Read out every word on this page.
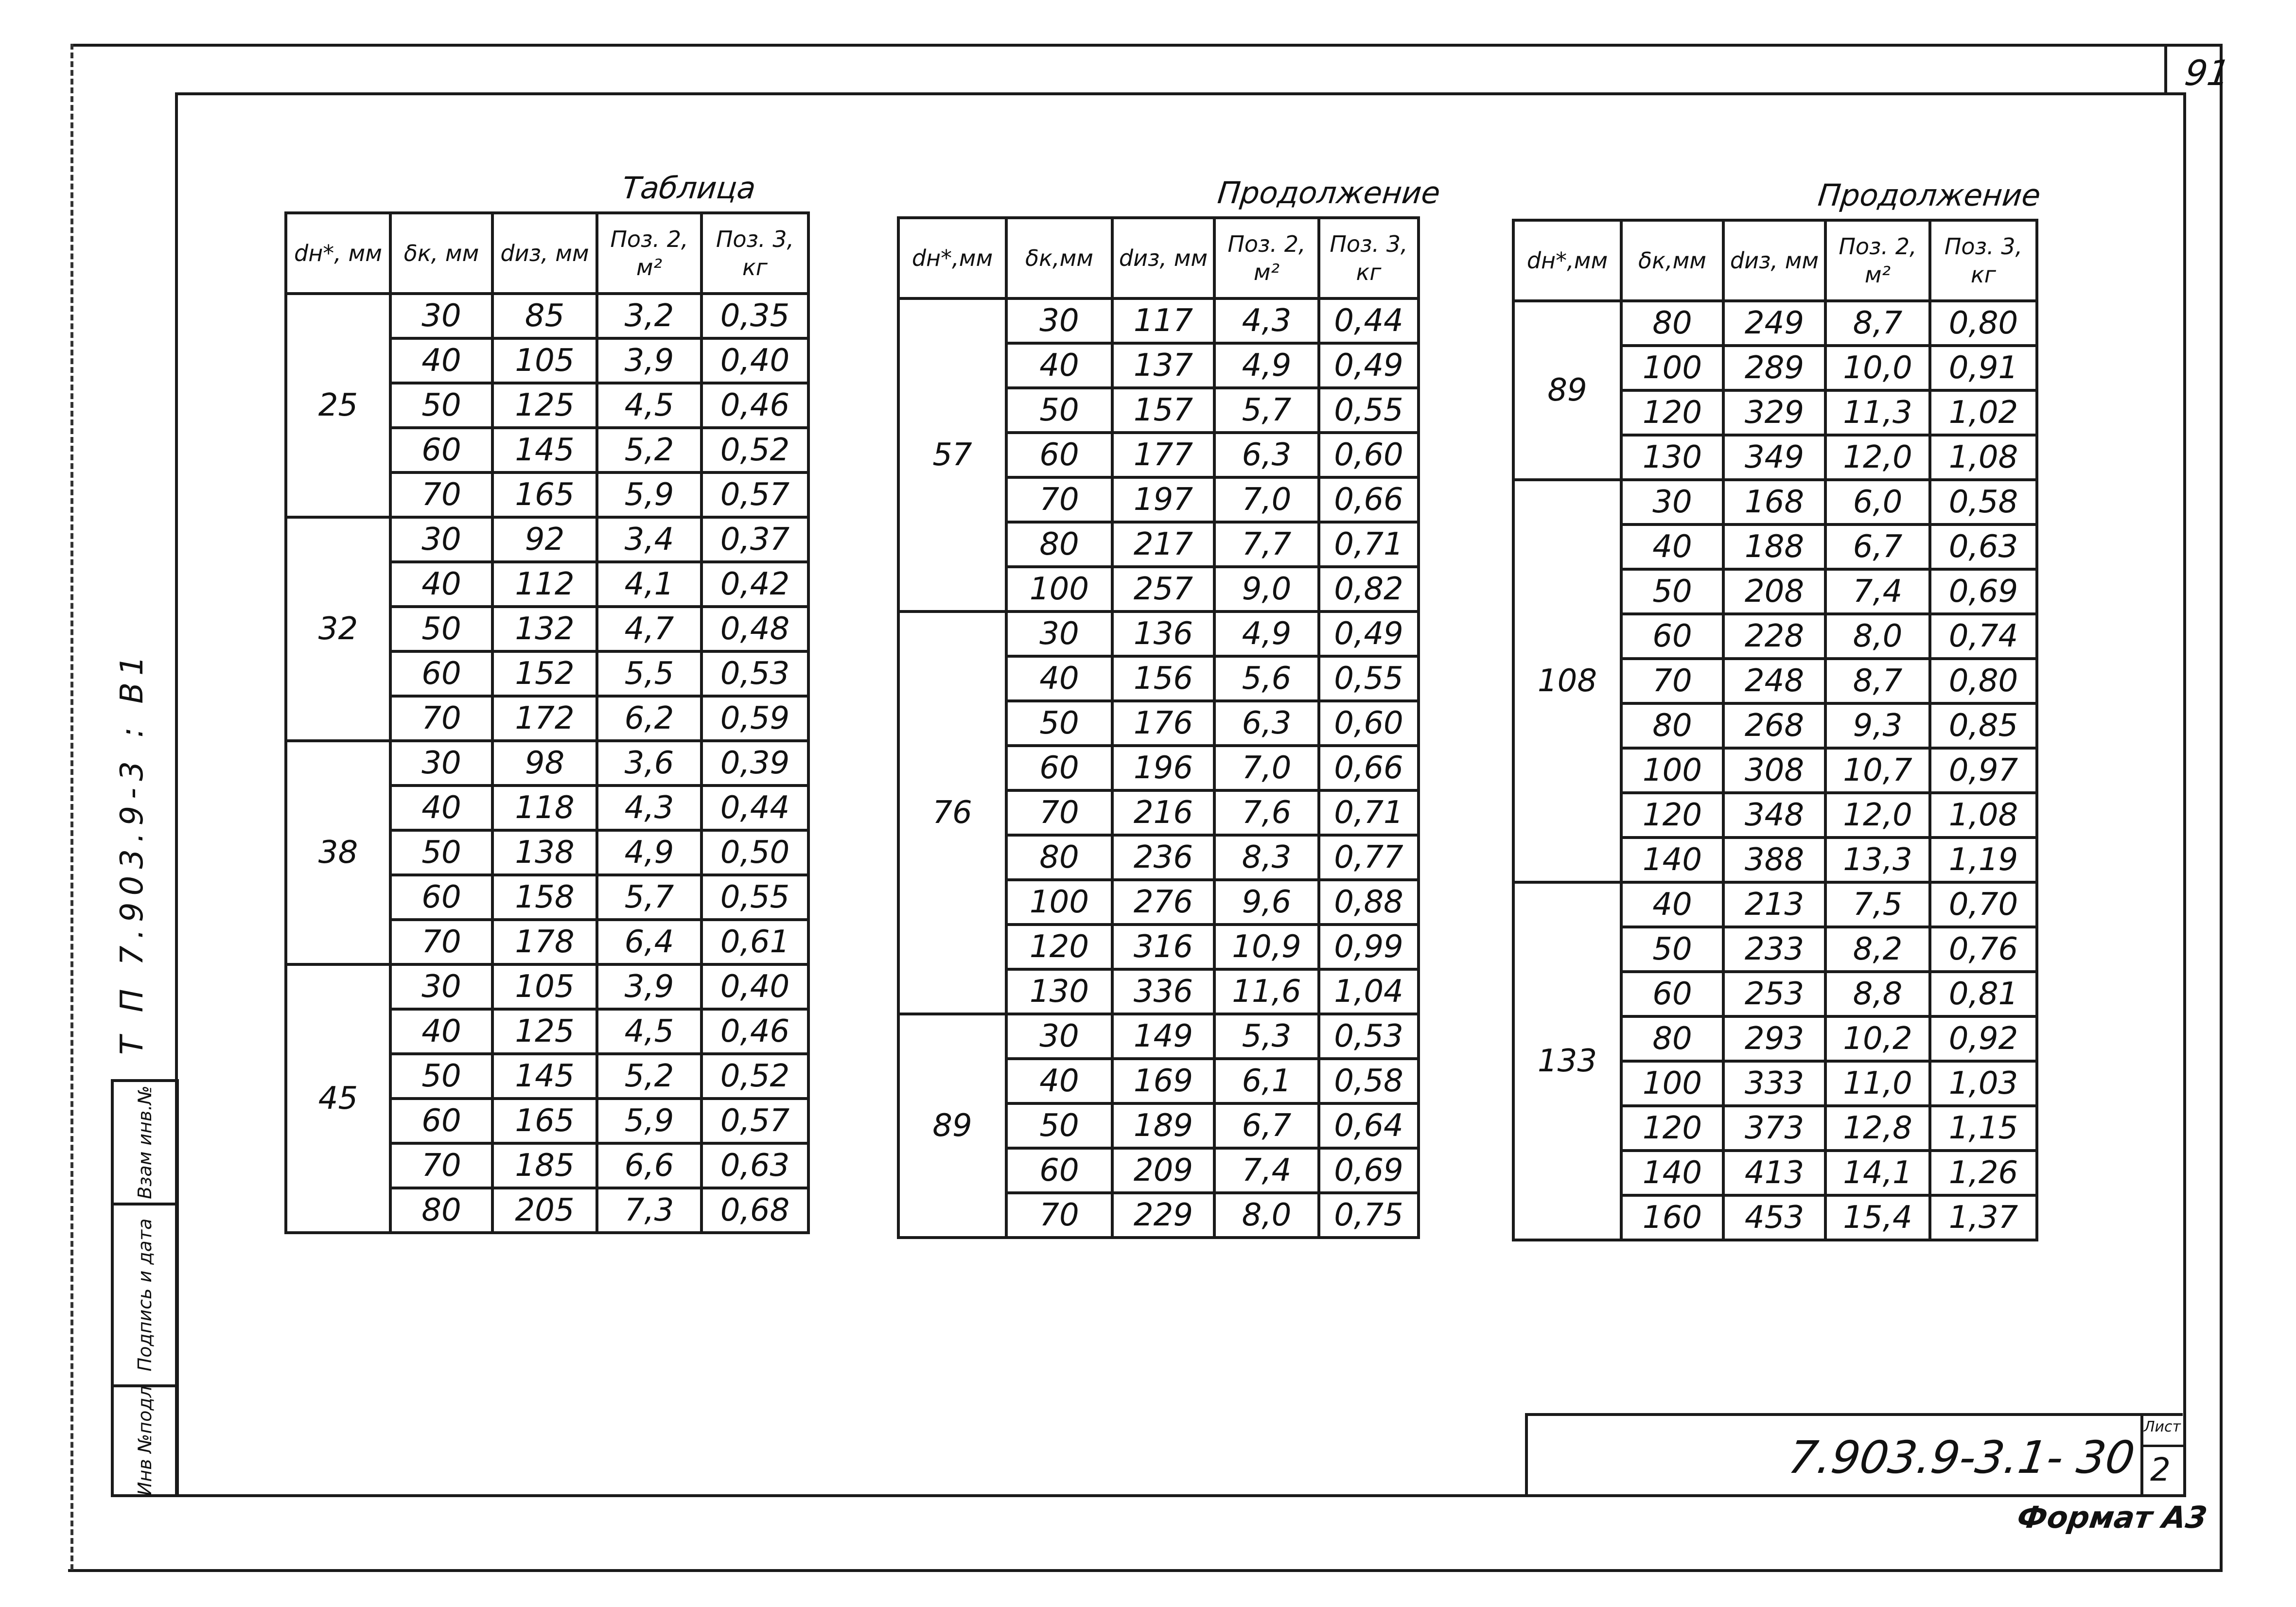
91
Т П 7.903.9-3 : В1
Взам инв.№
Подпись и дата
Инв №подл
Таблица
dн*, мм	δк, мм	dиз, мм	Поз. 2, м²	Поз. 3, кг
25	30	85	3,2	0,35
	40	105	3,9	0,40
	50	125	4,5	0,46
	60	145	5,2	0,52
	70	165	5,9	0,57
32	30	92	3,4	0,37
	40	112	4,1	0,42
	50	132	4,7	0,48
	60	152	5,5	0,53
	70	172	6,2	0,59
38	30	98	3,6	0,39
	40	118	4,3	0,44
	50	138	4,9	0,50
	60	158	5,7	0,55
	70	178	6,4	0,61
45	30	105	3,9	0,40
	40	125	4,5	0,46
	50	145	5,2	0,52
	60	165	5,9	0,57
	70	185	6,6	0,63
	80	205	7,3	0,68
Продолжение
dн*,мм	δк,мм	dиз, мм	Поз. 2, м²	Поз. 3, кг
57	30	117	4,3	0,44
	40	137	4,9	0,49
	50	157	5,7	0,55
	60	177	6,3	0,60
	70	197	7,0	0,66
	80	217	7,7	0,71
	100	257	9,0	0,82
76	30	136	4,9	0,49
	40	156	5,6	0,55
	50	176	6,3	0,60
	60	196	7,0	0,66
	70	216	7,6	0,71
	80	236	8,3	0,77
	100	276	9,6	0,88
	120	316	10,9	0,99
	130	336	11,6	1,04
89	30	149	5,3	0,53
	40	169	6,1	0,58
	50	189	6,7	0,64
	60	209	7,4	0,69
	70	229	8,0	0,75
Продолжение
dн*,мм	δк,мм	dиз, мм	Поз. 2, м²	Поз. 3, кг
89	80	249	8,7	0,80
	100	289	10,0	0,91
	120	329	11,3	1,02
	130	349	12,0	1,08
108	30	168	6,0	0,58
	40	188	6,7	0,63
	50	208	7,4	0,69
	60	228	8,0	0,74
	70	248	8,7	0,80
	80	268	9,3	0,85
	100	308	10,7	0,97
	120	348	12,0	1,08
	140	388	13,3	1,19
133	40	213	7,5	0,70
	50	233	8,2	0,76
	60	253	8,8	0,81
	80	293	10,2	0,92
	100	333	11,0	1,03
	120	373	12,8	1,15
	140	413	14,1	1,26
	160	453	15,4	1,37
7.903.9-3.1- 30
Лист
2
Формат А3
